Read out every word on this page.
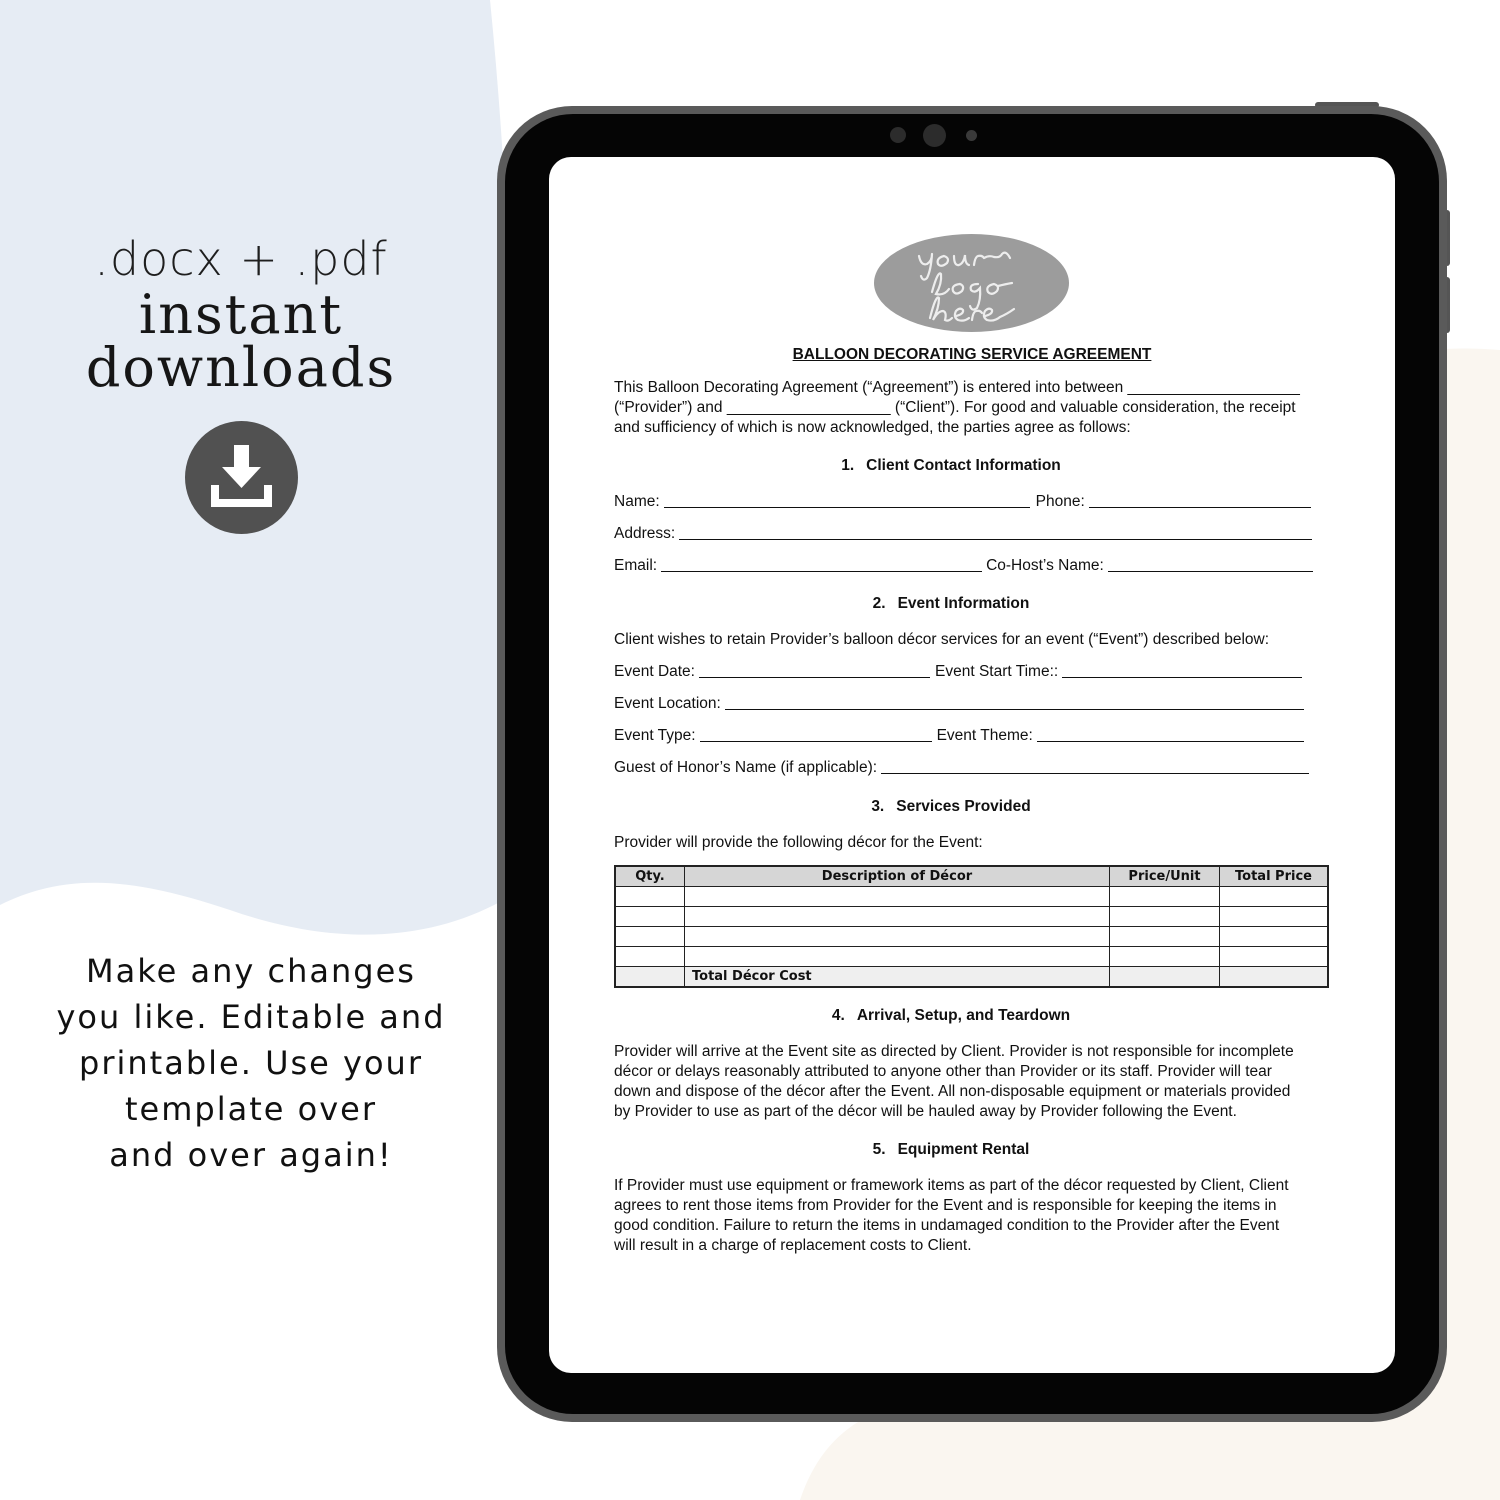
.docx + .pdf
instant
downloads
Make any changes
you like. Editable and
printable. Use your
template over
and over again!
BALLOON DECORATING SERVICE AGREEMENT
This Balloon Decorating Agreement (“Agreement”) is entered into between ____________________
(“Provider”) and ___________________ (“Client”). For good and valuable consideration, the receipt
and sufficiency of which is now acknowledged, the parties agree as follows:
1. Client Contact Information
Name:	Phone:
Address:
Email:	Co-Host’s Name:
2. Event Information
Client wishes to retain Provider’s balloon décor services for an event (“Event”) described below:
Event Date:	Event Start Time::
Event Location:
Event Type:	Event Theme:
Guest of Honor’s Name (if applicable):
3. Services Provided
Provider will provide the following décor for the Event:
Qty.	Description of Décor	Price/Unit	Total Price

	Total Décor Cost		
4. Arrival, Setup, and Teardown
Provider will arrive at the Event site as directed by Client. Provider is not responsible for incomplete
décor or delays reasonably attributed to anyone other than Provider or its staff. Provider will tear
down and dispose of the décor after the Event. All non-disposable equipment or materials provided
by Provider to use as part of the décor will be hauled away by Provider following the Event.
5. Equipment Rental
If Provider must use equipment or framework items as part of the décor requested by Client, Client
agrees to rent those items from Provider for the Event and is responsible for keeping the items in
good condition. Failure to return the items in undamaged condition to the Provider after the Event
will result in a charge of replacement costs to Client.
